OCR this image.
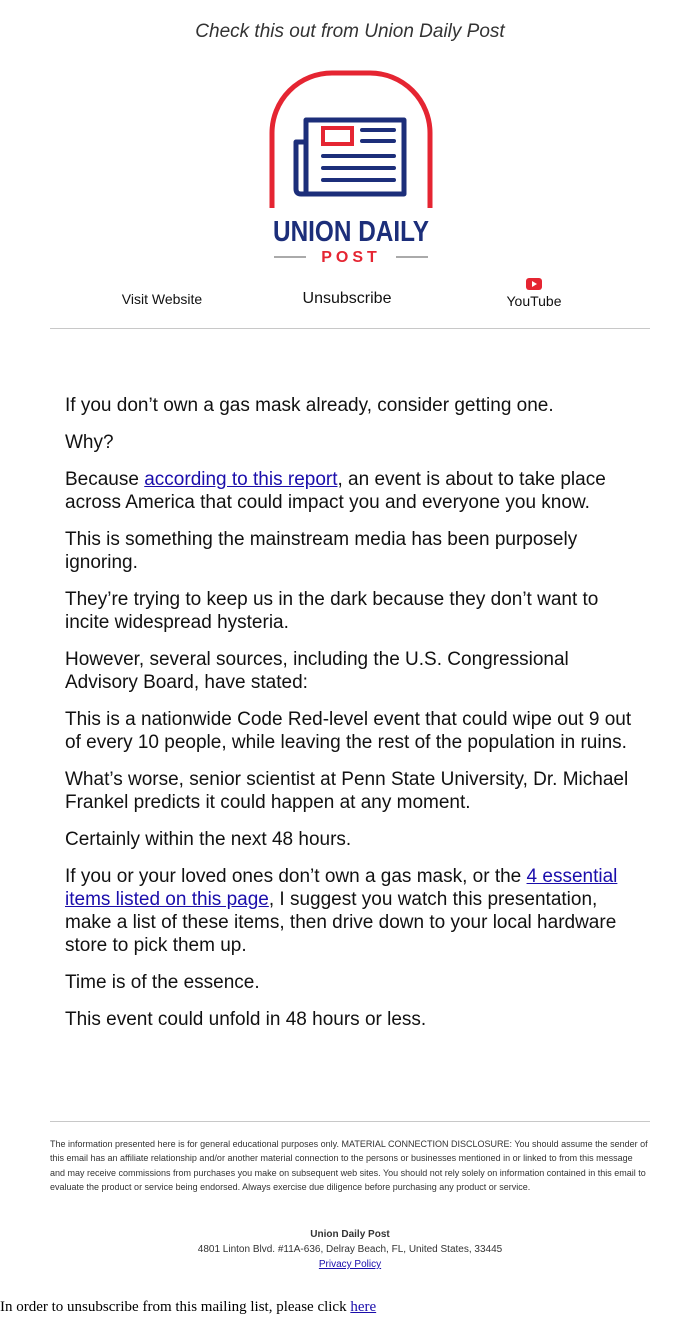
Check this out from Union Daily Post
UNION DAILY
POST
Visit Website	Unsubscribe	YouTube

If you don’t own a gas mask already, consider getting one.

Why?

Because according to this report, an event is about to take place across America that could impact you and everyone you know.

This is something the mainstream media has been purposely ignoring.

They’re trying to keep us in the dark because they don’t want to incite widespread hysteria.

However, several sources, including the U.S. Congressional Advisory Board, have stated:

This is a nationwide Code Red-level event that could wipe out 9 out of every 10 people, while leaving the rest of the population in ruins.

What’s worse, senior scientist at Penn State University, Dr. Michael Frankel predicts it could happen at any moment.

Certainly within the next 48 hours.

If you or your loved ones don’t own a gas mask, or the 4 essential items listed on this page, I suggest you watch this presentation, make a list of these items, then drive down to your local hardware store to pick them up.

Time is of the essence.

This event could unfold in 48 hours or less.

The information presented here is for general educational purposes only. MATERIAL CONNECTION DISCLOSURE: You should assume the sender of this email has an affiliate relationship and/or another material connection to the persons or businesses mentioned in or linked to from this message and may receive commissions from purchases you make on subsequent web sites. You should not rely solely on information contained in this email to evaluate the product or service being endorsed. Always exercise due diligence before purchasing any product or service.

Union Daily Post
4801 Linton Blvd. #11A-636, Delray Beach, FL, United States, 33445
Privacy Policy
In order to unsubscribe from this mailing list, please click here
